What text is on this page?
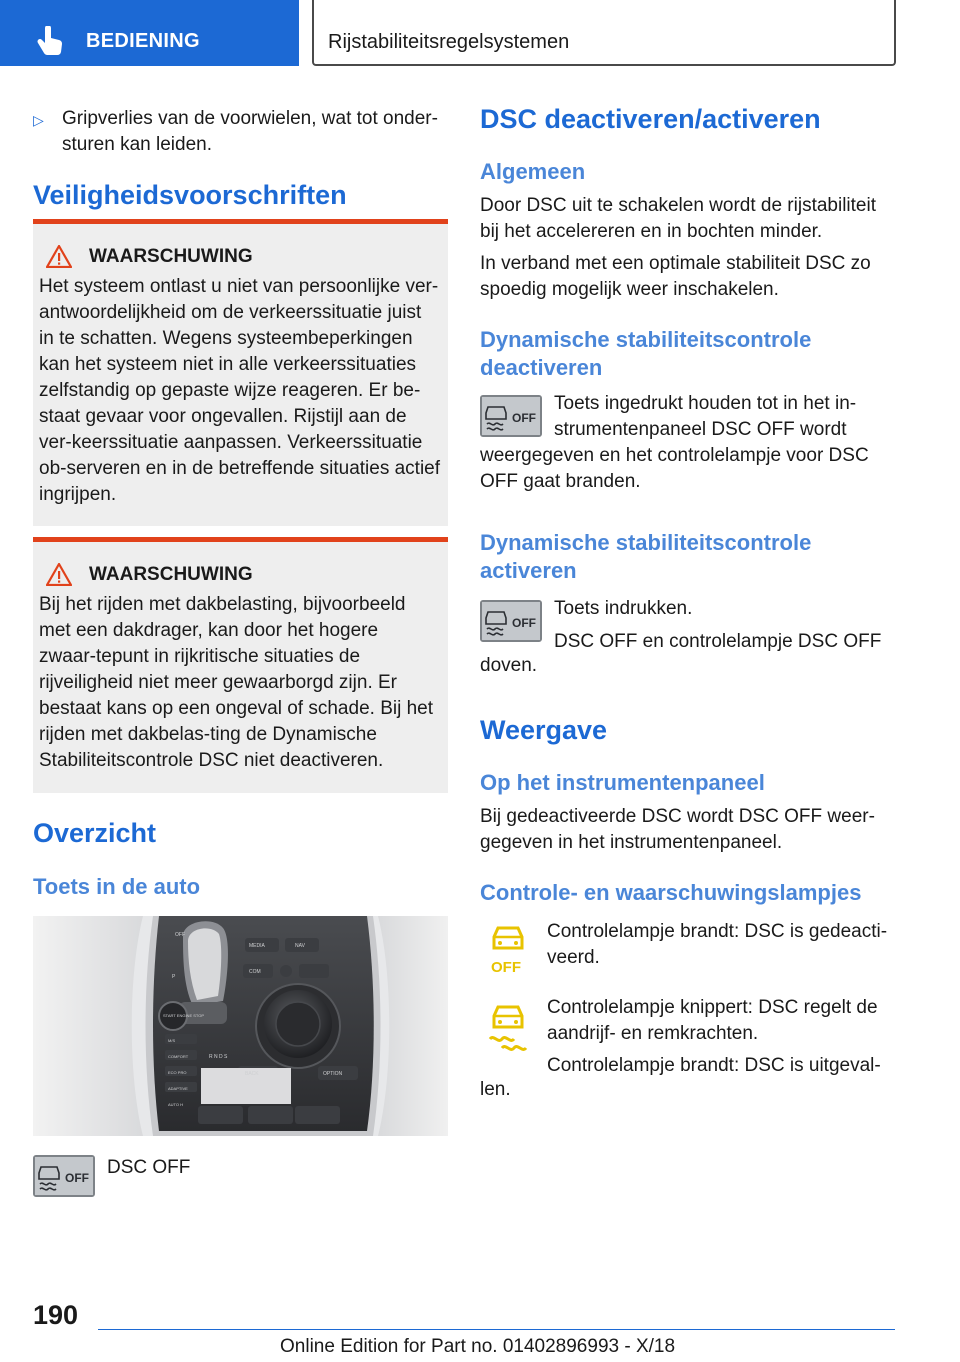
BEDIENING	Rijstabiliteitsregelsystemen
▷ Gripverlies van de voorwielen, wat tot onder-sturen kan leiden.
Veiligheidsvoorschriften
WAARSCHUWING

Het systeem ontlast u niet van persoonlijke ver-antwoordelijkheid om de verkeerssituatie juist in te schatten. Wegens systeembeperkingen kan het systeem niet in alle verkeerssituaties zelfstandig op gepaste wijze reageren. Er be-staat gevaar voor ongevallen. Rijstijl aan de ver-keerssituatie aanpassen. Verkeerssituatie ob-serveren en in de betreffende situaties actief ingrijpen.

WAARSCHUWING

Bij het rijden met dakbelasting, bijvoorbeeld met een dakdrager, kan door het hogere zwaar-tepunt in rijkritische situaties de rijveiligheid niet meer gewaarborgd zijn. Er bestaat kans op een ongeval of schade. Bij het rijden met dakbelas-ting de Dynamische Stabiliteitscontrole DSC niet deactiveren.

Overzicht
Toets in de auto
OFF
MEDIA	NAV
COM
P
START ENGINE STOP
BACK	OPTION
R N D S
M/S
COMFORT
ECO PRO
ADAPTIVE
AUTO H
OFF DSC OFF

DSC deactiveren/activeren
Algemeen

Door DSC uit te schakelen wordt de rijstabiliteit bij het accelereren en in bochten minder.

In verband met een optimale stabiliteit DSC zo spoedig mogelijk weer inschakelen.

Dynamische stabiliteitscontrole deactiveren
OFF

Toets ingedrukt houden tot in het in-strumentenpaneel DSC OFF wordt

weergegeven en het controlelampje voor DSC OFF gaat branden.

Dynamische stabiliteitscontrole activeren
OFF

Toets indrukken.

DSC OFF en controlelampje DSC OFF

doven.

Weergave
Op het instrumentenpaneel

Bij gedeactiveerde DSC wordt DSC OFF weer-gegeven in het instrumentenpaneel.

Controle- en waarschuwingslampjes
OFF

Controlelampje brandt: DSC is gedeacti-veerd.

Controlelampje knippert: DSC regelt de aandrijf- en remkrachten.

Controlelampje brandt: DSC is uitgeval-

len.

190
Online Edition for Part no. 01402896993 - X/18
